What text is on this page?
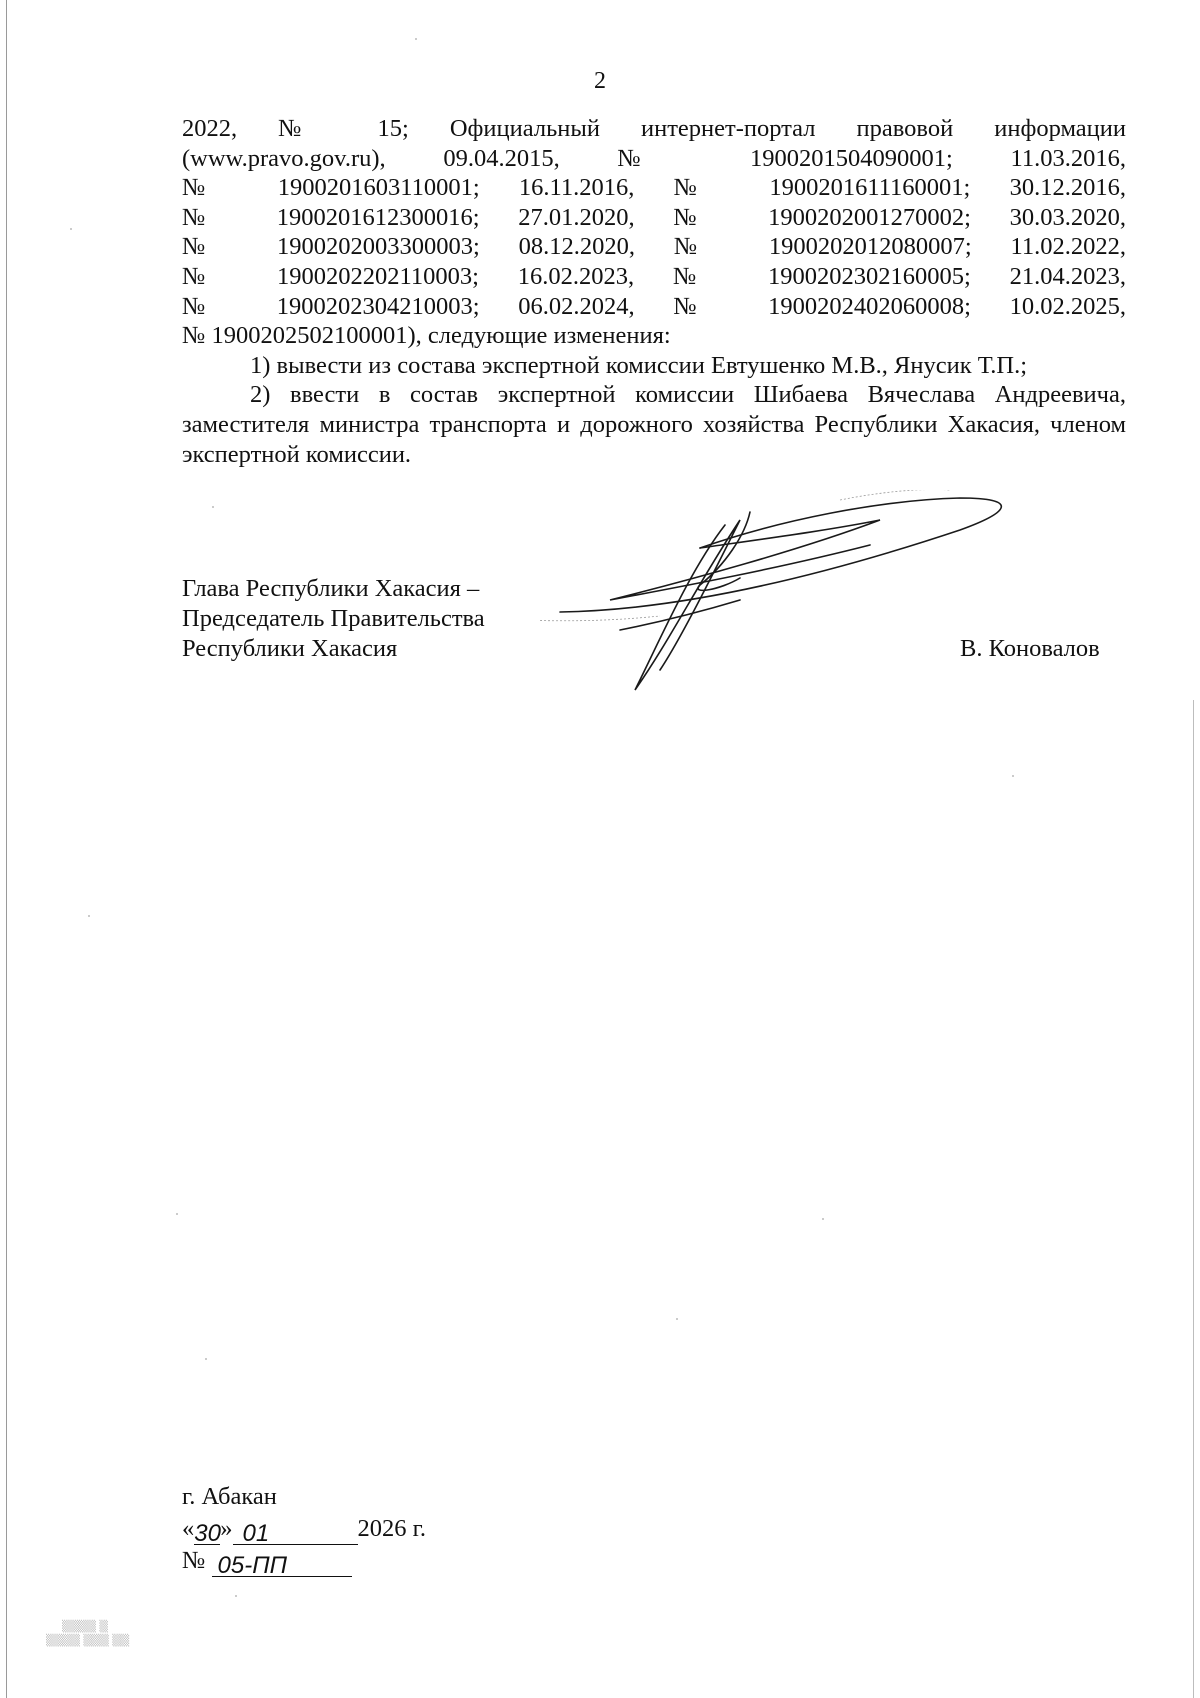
2
2022, № 15; Официальный интернет-портал правовой информации
(www.pravo.gov.ru), 09.04.2015, № 1900201504090001; 11.03.2016,
№ 1900201603110001; 16.11.2016, № 1900201611160001; 30.12.2016,
№ 1900201612300016; 27.01.2020, № 1900202001270002; 30.03.2020,
№ 1900202003300003; 08.12.2020, № 1900202012080007; 11.02.2022,
№ 1900202202110003; 16.02.2023, № 1900202302160005; 21.04.2023,
№ 1900202304210003; 06.02.2024, № 1900202402060008; 10.02.2025,
№ 1900202502100001), следующие изменения:
1) вывести из состава экспертной комиссии Евтушенко М.В., Янусик Т.П.;
2) ввести в состав экспертной комиссии Шибаева Вячеслава Андреевича, заместителя министра транспорта и дорожного хозяйства Республики Хакасия, членом экспертной комиссии.
Глава Республики Хакасия –
Председатель Правительства
Республики Хакасия	В. Коновалов
г. Абакан
«30» 01	2026 г.
№ 05-ПП
▒▒▒▒ ▒
▒▒▒▒ ▒▒▒ ▒▒
